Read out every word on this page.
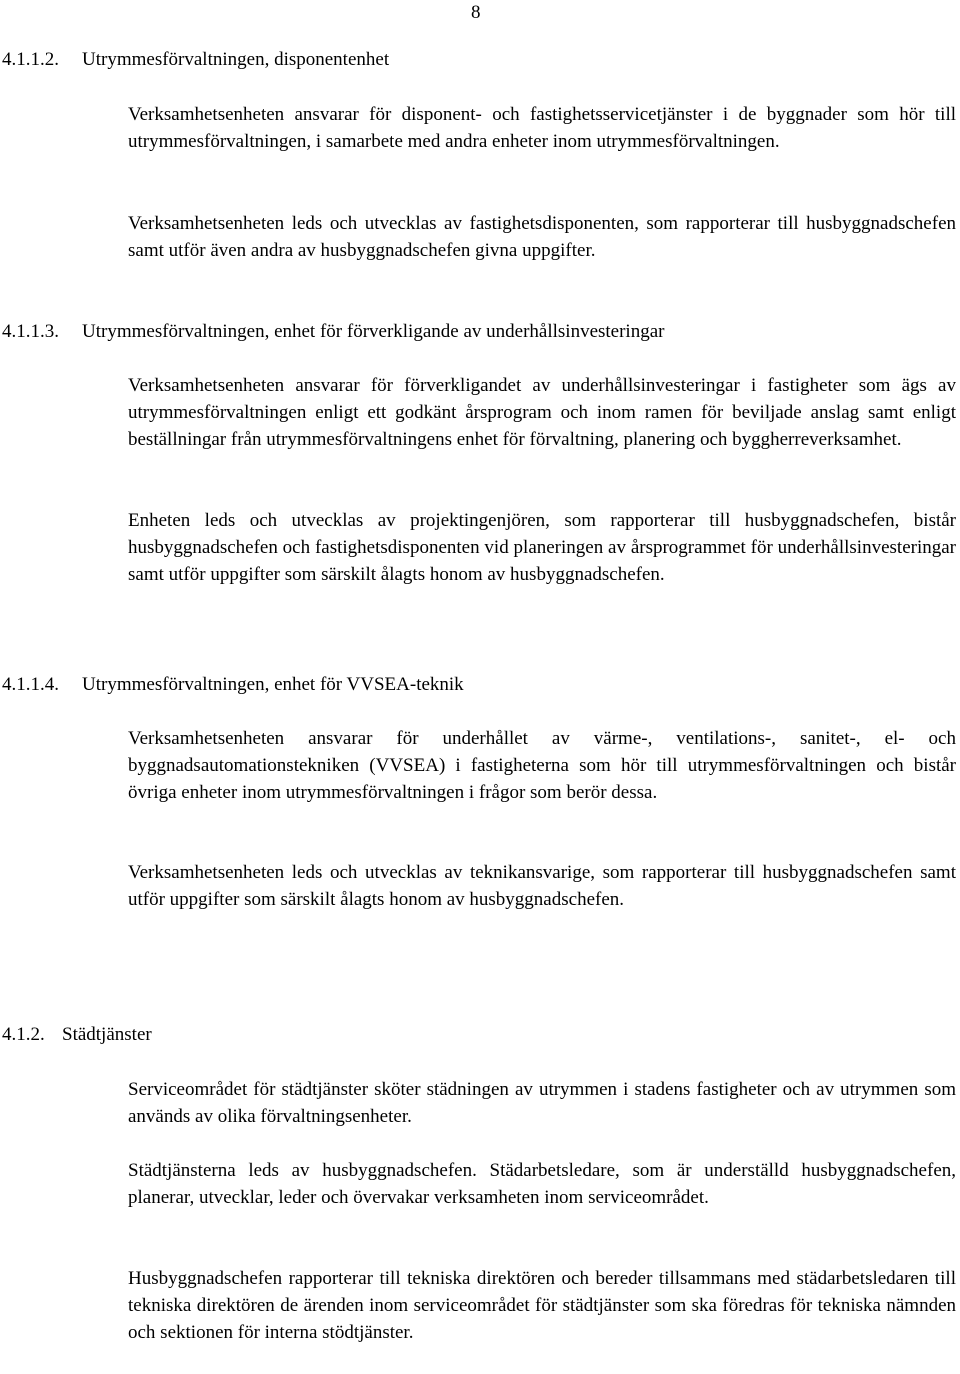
8

4.1.1.2. Utrymmesförvaltningen, disponentenhet

Verksamhetsenheten ansvarar för disponent- och fastighetsservicetjänster i de byggnader som hör till utrymmesförvaltningen, i samarbete med andra enheter inom utrymmesförvaltningen.

Verksamhetsenheten leds och utvecklas av fastighetsdisponenten, som rapporterar till husbyggnadschefen samt utför även andra av husbyggnadschefen givna uppgifter.

4.1.1.3. Utrymmesförvaltningen, enhet för förverkligande av underhållsinvesteringar

Verksamhetsenheten ansvarar för förverkligandet av underhållsinvesteringar i fastigheter som ägs av utrymmesförvaltningen enligt ett godkänt årsprogram och inom ramen för beviljade anslag samt enligt beställningar från utrymmesförvaltningens enhet för förvaltning, planering och byggherreverksamhet.

Enheten leds och utvecklas av projektingenjören, som rapporterar till husbyggnadschefen, bistår husbyggnadschefen och fastighetsdisponenten vid planeringen av årsprogrammet för underhållsinvesteringar samt utför uppgifter som särskilt ålagts honom av husbyggnadschefen.

4.1.1.4. Utrymmesförvaltningen, enhet för VVSEA-teknik

Verksamhetsenheten ansvarar för underhållet av värme-, ventilations-, sanitet-, el- och byggnadsautomationstekniken (VVSEA) i fastigheterna som hör till utrymmesförvaltningen och bistår övriga enheter inom utrymmesförvaltningen i frågor som berör dessa.

Verksamhetsenheten leds och utvecklas av teknikansvarige, som rapporterar till husbyggnadschefen samt utför uppgifter som särskilt ålagts honom av husbyggnadschefen.

4.1.2. Städtjänster

Serviceområdet för städtjänster sköter städningen av utrymmen i stadens fastigheter och av utrymmen som används av olika förvaltningsenheter.

Städtjänsterna leds av husbyggnadschefen. Städarbetsledare, som är underställd husbyggnadschefen, planerar, utvecklar, leder och övervakar verksamheten inom serviceområdet.

Husbyggnadschefen rapporterar till tekniska direktören och bereder tillsammans med städarbetsledaren till tekniska direktören de ärenden inom serviceområdet för städtjänster som ska föredras för tekniska nämnden och sektionen för interna stödtjänster.
